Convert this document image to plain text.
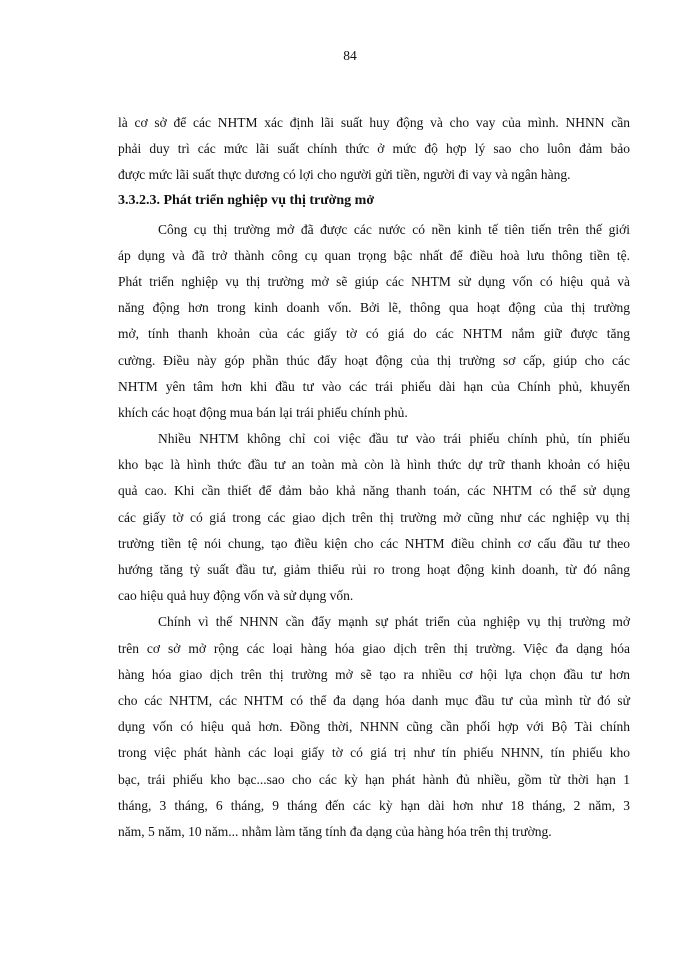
84
là cơ sở để các NHTM xác định lãi suất huy động và cho vay của mình. NHNN cần
phải duy trì các mức lãi suất chính thức ở mức độ hợp lý sao cho luôn đảm bảo
được mức lãi suất thực dương có lợi cho người gửi tiền, người đi vay và ngân hàng.
3.3.2.3. Phát triển nghiệp vụ thị trường mở
Công cụ thị trường mở đã được các nước có nền kinh tế tiên tiến trên thế giới
áp dụng và đã trở thành công cụ quan trọng bậc nhất để điều hoà lưu thông tiền tệ.
Phát triển nghiệp vụ thị trường mở sẽ giúp các NHTM sử dụng vốn có hiệu quả và
năng động hơn trong kinh doanh vốn. Bởi lẽ, thông qua hoạt động của thị trường
mở, tính thanh khoản của các giấy tờ có giá do các NHTM nắm giữ được tăng
cường. Điều này góp phần thúc đẩy hoạt động của thị trường sơ cấp, giúp cho các
NHTM yên tâm hơn khi đầu tư vào các trái phiếu dài hạn của Chính phủ, khuyến
khích các hoạt động mua bán lại trái phiếu chính phủ.
Nhiều NHTM không chỉ coi việc đầu tư vào trái phiếu chính phủ, tín phiếu
kho bạc là hình thức đầu tư an toàn mà còn là hình thức dự trữ thanh khoản có hiệu
quả cao. Khi cần thiết để đảm bảo khả năng thanh toán, các NHTM có thể sử dụng
các giấy tờ có giá trong các giao dịch trên thị trường mở cũng như các nghiệp vụ thị
trường tiền tệ nói chung, tạo điều kiện cho các NHTM điều chỉnh cơ cấu đầu tư theo
hướng tăng tỷ suất đầu tư, giảm thiểu rủi ro trong hoạt động kinh doanh, từ đó nâng
cao hiệu quả huy động vốn và sử dụng vốn.
Chính vì thế NHNN cần đẩy mạnh sự phát triển của nghiệp vụ thị trường mở
trên cơ sở mở rộng các loại hàng hóa giao dịch trên thị trường. Việc đa dạng hóa
hàng hóa giao dịch trên thị trường mở sẽ tạo ra nhiều cơ hội lựa chọn đầu tư hơn
cho các NHTM, các NHTM có thể đa dạng hóa danh mục đầu tư của mình từ đó sử
dụng vốn có hiệu quả hơn. Đồng thời, NHNN cũng cần phối hợp với Bộ Tài chính
trong việc phát hành các loại giấy tờ có giá trị như tín phiếu NHNN, tín phiếu kho
bạc, trái phiếu kho bạc...sao cho các kỳ hạn phát hành đủ nhiều, gồm từ thời hạn 1
tháng, 3 tháng, 6 tháng, 9 tháng đến các kỳ hạn dài hơn như 18 tháng, 2 năm, 3
năm, 5 năm, 10 năm... nhằm làm tăng tính đa dạng của hàng hóa trên thị trường.
